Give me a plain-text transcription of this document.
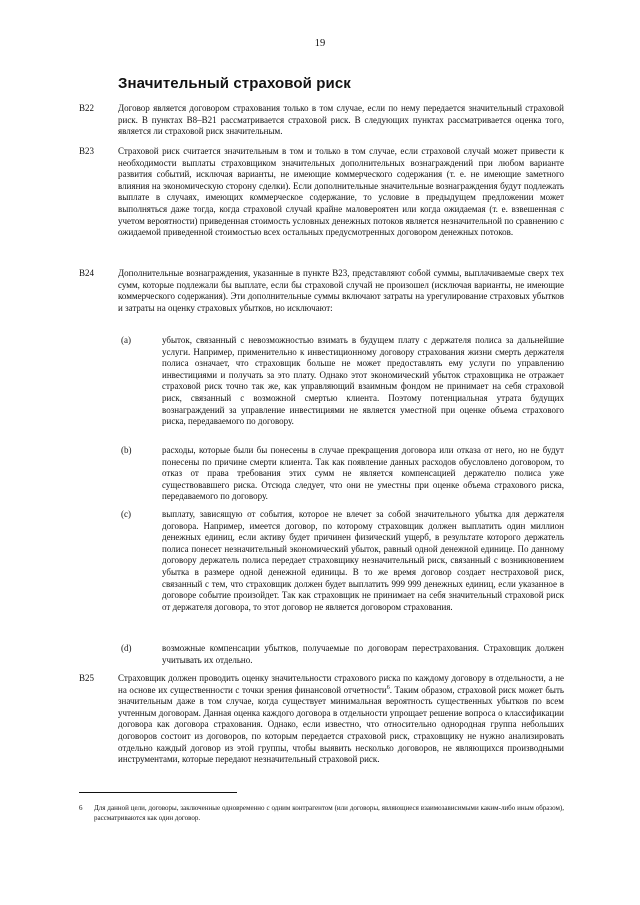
19
Значительный страховой риск
B22	Договор является договором страхования только в том случае, если по нему передается значительный страховой риск. В пунктах B8–B21 рассматривается страховой риск. В следующих пунктах рассматривается оценка того, является ли страховой риск значительным.

B23	Страховой риск считается значительным в том и только в том случае, если страховой случай может привести к необходимости выплаты страховщиком значительных дополнительных вознаграждений при любом варианте развития событий, исключая варианты, не имеющие коммерческого содержания (т. е. не имеющие заметного влияния на экономическую сторону сделки). Если дополнительные значительные вознаграждения будут подлежать выплате в случаях, имеющих коммерческое содержание, то условие в предыдущем предложении может выполняться даже тогда, когда страховой случай крайне маловероятен или когда ожидаемая (т. е. взвешенная с учетом вероятности) приведенная стоимость условных денежных потоков является незначительной по сравнению с ожидаемой приведенной стоимостью всех остальных предусмотренных договором денежных потоков.

B24	Дополнительные вознаграждения, указанные в пункте B23, представляют собой суммы, выплачиваемые сверх тех сумм, которые подлежали бы выплате, если бы страховой случай не произошел (исключая варианты, не имеющие коммерческого содержания). Эти дополнительные суммы включают затраты на урегулирование страховых убытков и затраты на оценку страховых убытков, но исключают:

(a)	убыток, связанный с невозможностью взимать в будущем плату с держателя полиса за дальнейшие услуги. Например, применительно к инвестиционному договору страхования жизни смерть держателя полиса означает, что страховщик больше не может предоставлять ему услуги по управлению инвестициями и получать за это плату. Однако этот экономический убыток страховщика не отражает страховой риск точно так же, как управляющий взаимным фондом не принимает на себя страховой риск, связанный с возможной смертью клиента. Поэтому потенциальная утрата будущих вознаграждений за управление инвестициями не является уместной при оценке объема страхового риска, передаваемого по договору.

(b)	расходы, которые были бы понесены в случае прекращения договора или отказа от него, но не будут понесены по причине смерти клиента. Так как появление данных расходов обусловлено договором, то отказ от права требования этих сумм не является компенсацией держателю полиса уже существовавшего риска. Отсюда следует, что они не уместны при оценке объема страхового риска, передаваемого по договору.

(c)	выплату, зависящую от события, которое не влечет за собой значительного убытка для держателя договора. Например, имеется договор, по которому страховщик должен выплатить один миллион денежных единиц, если активу будет причинен физический ущерб, в результате которого держатель полиса понесет незначительный экономический убыток, равный одной денежной единице. По данному договору держатель полиса передает страховщику незначительный риск, связанный с возникновением убытка в размере одной денежной единицы. В то же время договор создает нестраховой риск, связанный с тем, что страховщик должен будет выплатить 999 999 денежных единиц, если указанное в договоре событие произойдет. Так как страховщик не принимает на себя значительный страховой риск от держателя договора, то этот договор не является договором страхования.

(d)	возможные компенсации убытков, получаемые по договорам перестрахования. Страховщик должен учитывать их отдельно.

B25	Страховщик должен проводить оценку значительности страхового риска по каждому договору в отдельности, а не на основе их существенности с точки зрения финансовой отчетности$^6$. Таким образом, страховой риск может быть значительным даже в том случае, когда существует минимальная вероятность существенных убытков по всем учтенным договорам. Данная оценка каждого договора в отдельности упрощает решение вопроса о классификации договора как договора страхования. Однако, если известно, что относительно однородная группа небольших договоров состоит из договоров, по которым передается страховой риск, страховщику не нужно анализировать отдельно каждый договор из этой группы, чтобы выявить несколько договоров, не являющихся производными инструментами, которые передают незначительный страховой риск.

6 Для данной цели, договоры, заключенные одновременно с одним контрагентом (или договоры, являющиеся взаимозависимыми каким-либо иным образом), рассматриваются как один договор.
